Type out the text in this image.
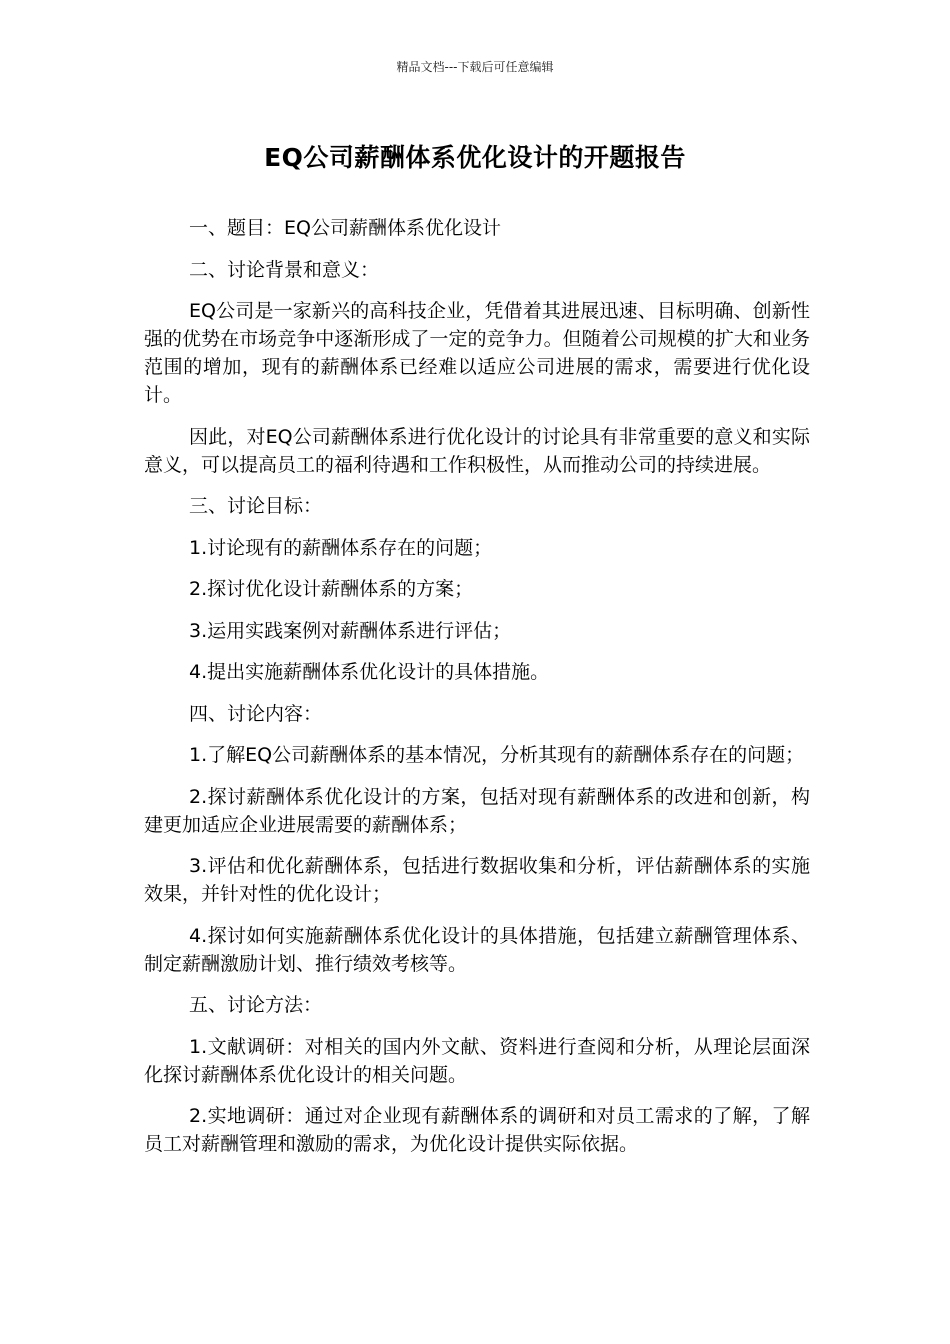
精品文档---下载后可任意编辑
EQ公司薪酬体系优化设计的开题报告

一、题目：EQ公司薪酬体系优化设计

二、讨论背景和意义：

EQ公司是一家新兴的高科技企业，凭借着其进展迅速、目标明确、创新性强的优势在市场竞争中逐渐形成了一定的竞争力。但随着公司规模的扩大和业务范围的增加，现有的薪酬体系已经难以适应公司进展的需求，需要进行优化设计。

因此，对EQ公司薪酬体系进行优化设计的讨论具有非常重要的意义和实际意义，可以提高员工的福利待遇和工作积极性，从而推动公司的持续进展。

三、讨论目标：

1.讨论现有的薪酬体系存在的问题；

2.探讨优化设计薪酬体系的方案；

3.运用实践案例对薪酬体系进行评估；

4.提出实施薪酬体系优化设计的具体措施。

四、讨论内容：

1.了解EQ公司薪酬体系的基本情况，分析其现有的薪酬体系存在的问题；

2.探讨薪酬体系优化设计的方案，包括对现有薪酬体系的改进和创新，构建更加适应企业进展需要的薪酬体系；

3.评估和优化薪酬体系，包括进行数据收集和分析，评估薪酬体系的实施效果，并针对性的优化设计；

4.探讨如何实施薪酬体系优化设计的具体措施，包括建立薪酬管理体系、制定薪酬激励计划、推行绩效考核等。

五、讨论方法：

1.文献调研：对相关的国内外文献、资料进行查阅和分析，从理论层面深化探讨薪酬体系优化设计的相关问题。

2.实地调研：通过对企业现有薪酬体系的调研和对员工需求的了解，了解员工对薪酬管理和激励的需求，为优化设计提供实际依据。
